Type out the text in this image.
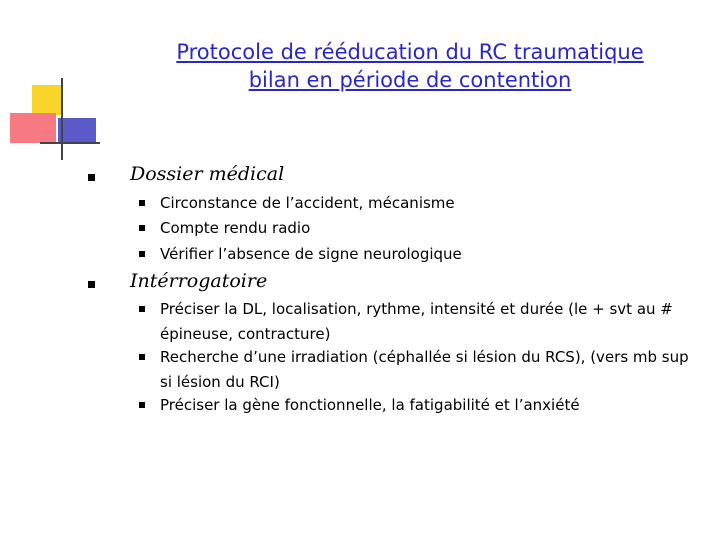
Protocole de rééducation du RC traumatique
bilan en période de contention
Dossier médical
Circonstance de l’accident, mécanisme
Compte rendu radio
Vérifier l’absence de signe neurologique
Intérrogatoire
Préciser la DL, localisation, rythme, intensité et durée (le + svt au # épineuse, contracture)
Recherche d’une irradiation (céphallée si lésion du RCS), (vers mb sup si lésion du RCI)
Préciser la gène fonctionnelle, la fatigabilité et l’anxiété
